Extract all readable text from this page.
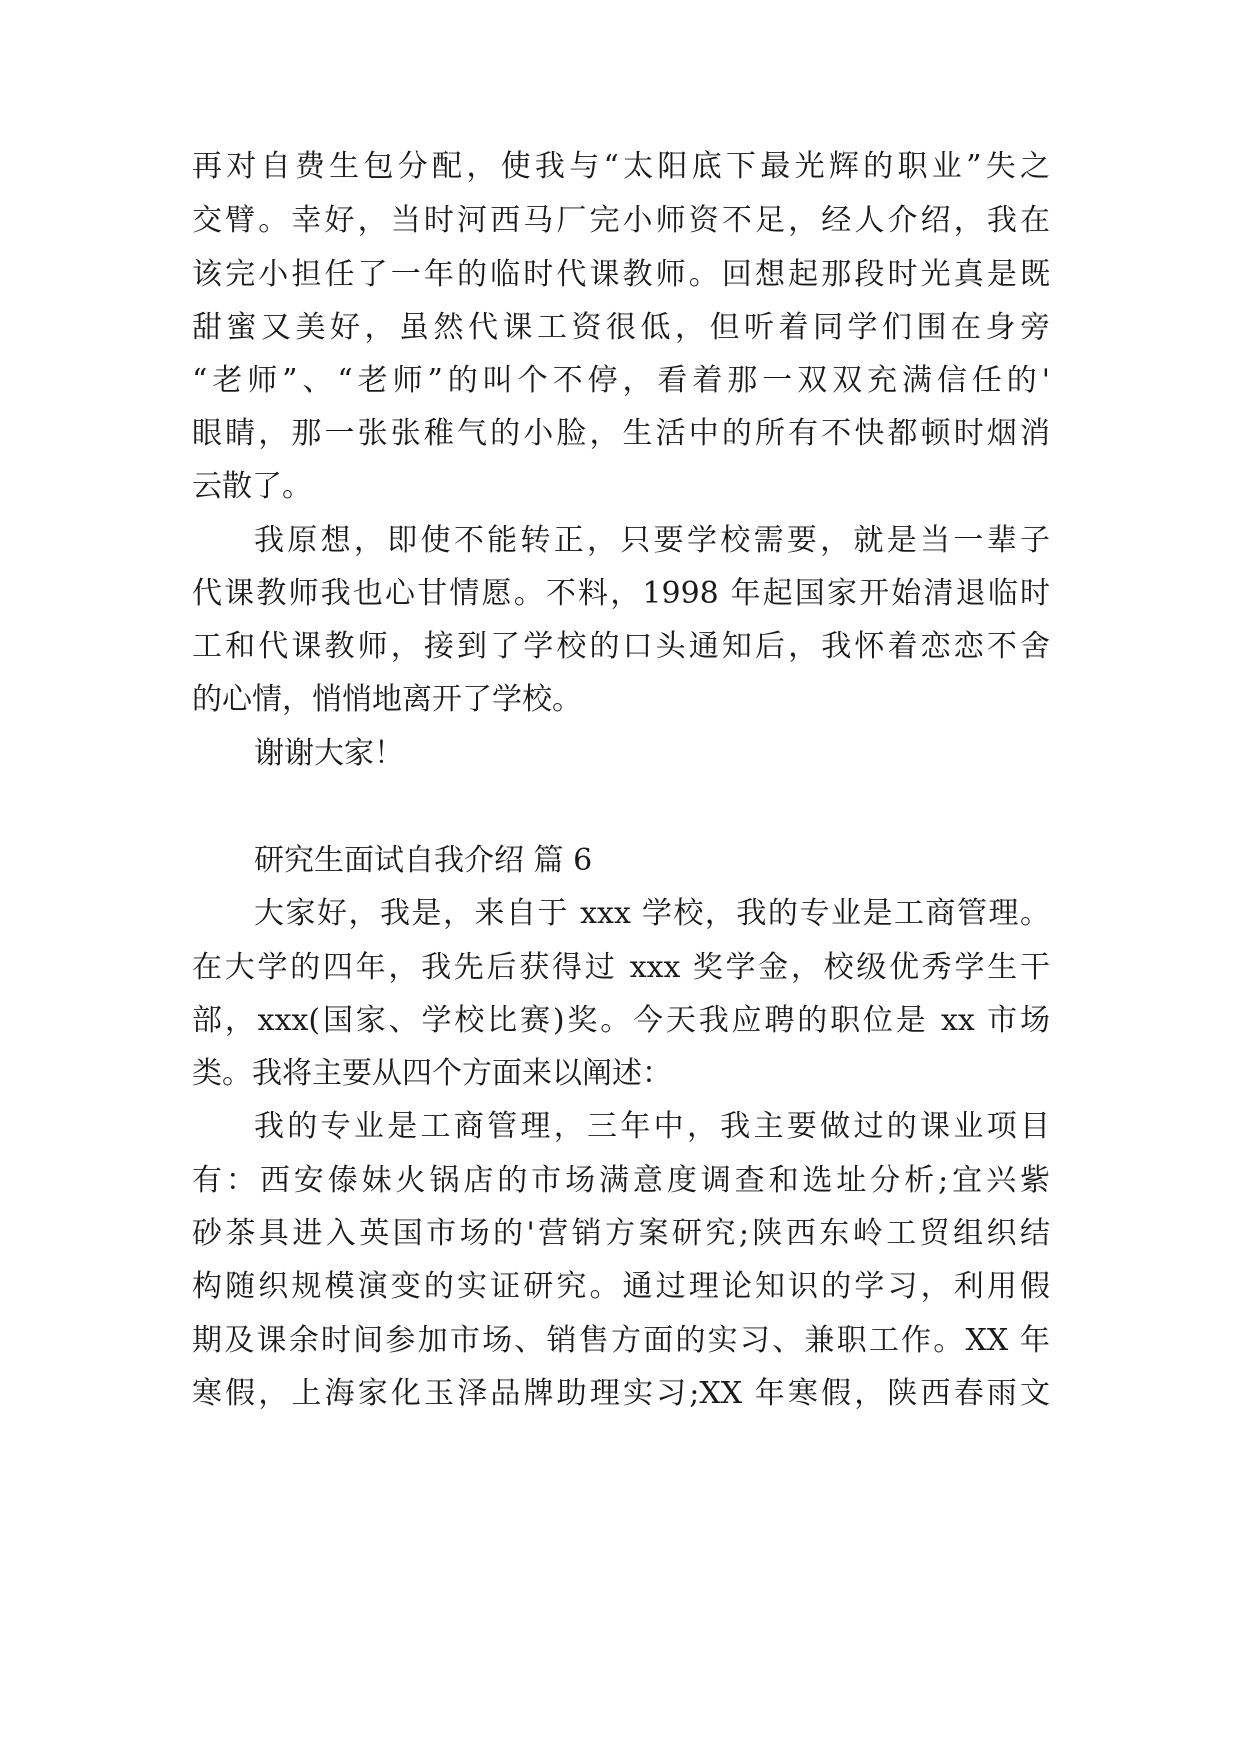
再对自费生包分配，使我与“太阳底下最光辉的职业”失之
交臂。幸好，当时河西马厂完小师资不足，经人介绍，我在
该完小担任了一年的临时代课教师。回想起那段时光真是既
甜蜜又美好，虽然代课工资很低，但听着同学们围在身旁
“老师”、“老师”的叫个不停，看着那一双双充满信任的'
眼睛，那一张张稚气的小脸，生活中的所有不快都顿时烟消
云散了。
我原想，即使不能转正，只要学校需要，就是当一辈子
代课教师我也心甘情愿。不料，1998 年起国家开始清退临时
工和代课教师，接到了学校的口头通知后，我怀着恋恋不舍
的心情，悄悄地离开了学校。
谢谢大家！
研究生面试自我介绍 篇 6
大家好，我是，来自于 xxx 学校，我的专业是工商管理。
在大学的四年，我先后获得过 xxx 奖学金，校级优秀学生干
部，xxx(国家、学校比赛)奖。今天我应聘的职位是 xx 市场
类。我将主要从四个方面来以阐述：
我的专业是工商管理，三年中，我主要做过的课业项目
有：西安傣妹火锅店的市场满意度调查和选址分析;宜兴紫
砂茶具进入英国市场的'营销方案研究;陕西东岭工贸组织结
构随织规模演变的实证研究。通过理论知识的学习，利用假
期及课余时间参加市场、销售方面的实习、兼职工作。XX 年
寒假，上海家化玉泽品牌助理实习;XX 年寒假，陕西春雨文
